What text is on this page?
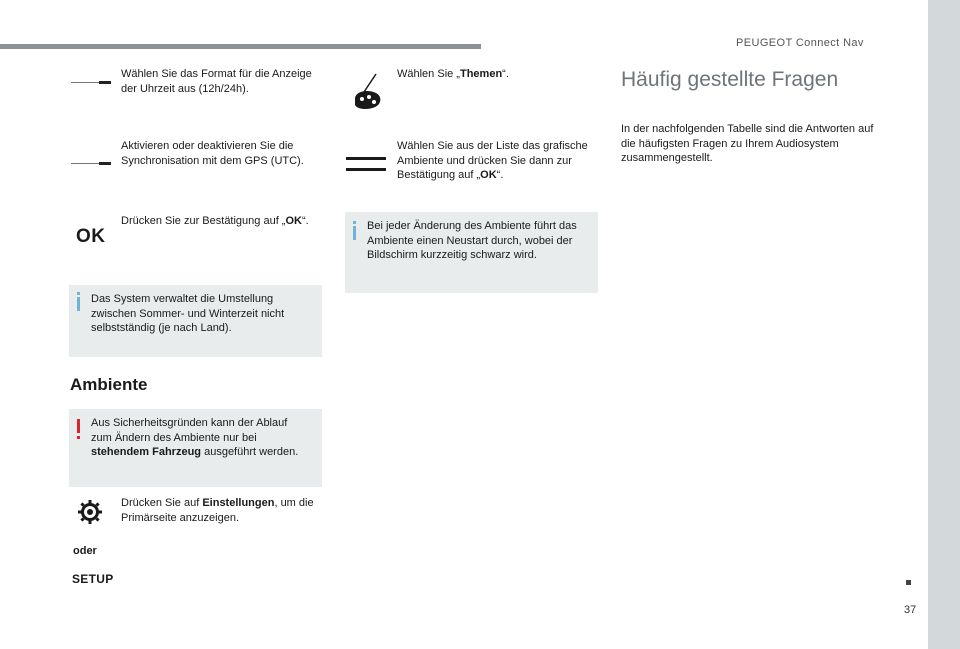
PEUGEOT Connect Nav
37
Wählen Sie das Format für die Anzeige der Uhrzeit aus (12h/24h).
Aktivieren oder deaktivieren Sie die Synchronisation mit dem GPS (UTC).
OK
Drücken Sie zur Bestätigung auf „OK“.
Das System verwaltet die Umstellung zwischen Sommer- und Winterzeit nicht selbstständig (je nach Land).
Ambiente
Aus Sicherheitsgründen kann der Ablauf zum Ändern des Ambiente nur bei stehendem Fahrzeug ausgeführt werden.
Drücken Sie auf Einstellungen, um die Primärseite anzuzeigen.
oder
SETUP
Wählen Sie „Themen“.
Wählen Sie aus der Liste das grafische Ambiente und drücken Sie dann zur Bestätigung auf „OK“.
Bei jeder Änderung des Ambiente führt das Ambiente einen Neustart durch, wobei der Bildschirm kurzzeitig schwarz wird.
Häufig gestellte Fragen
In der nachfolgenden Tabelle sind die Antworten auf die häufigsten Fragen zu Ihrem Audiosystem zusammengestellt.
